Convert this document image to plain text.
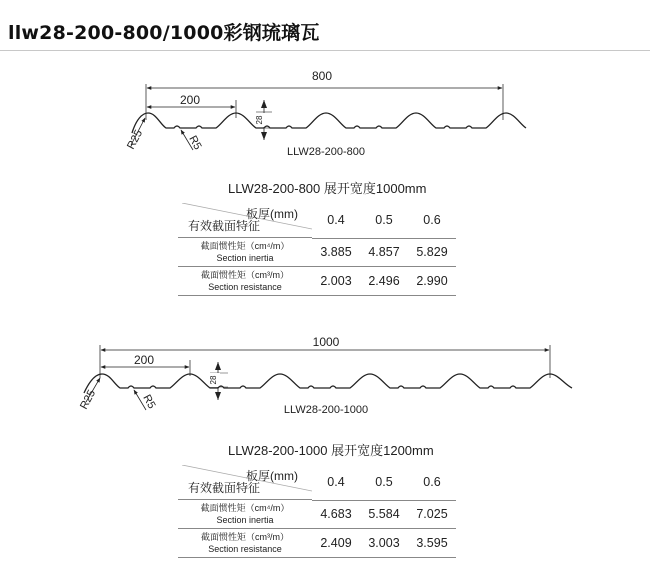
llw28-200-800/1000彩钢琉璃瓦
800
200
28
R25	R5
LLW28-200-800
1000
200
28
R25	R5	LLW28-200-1000
LLW28-200-800 展开宽度1000mm
板厚(mm)
有效截面特征	0.4	0.5	0.6

截面惯性矩（cm⁴/m）
Section inertia	3.885	4.857	5.829

截面惯性矩（cm³/m）
Section resistance	2.003	2.496	2.990
LLW28-200-1000 展开宽度1200mm
板厚(mm)
有效截面特征	0.4	0.5	0.6

截面惯性矩（cm⁴/m）
Section inertia	4.683	5.584	7.025

截面惯性矩（cm³/m）
Section resistance	2.409	3.003	3.595
